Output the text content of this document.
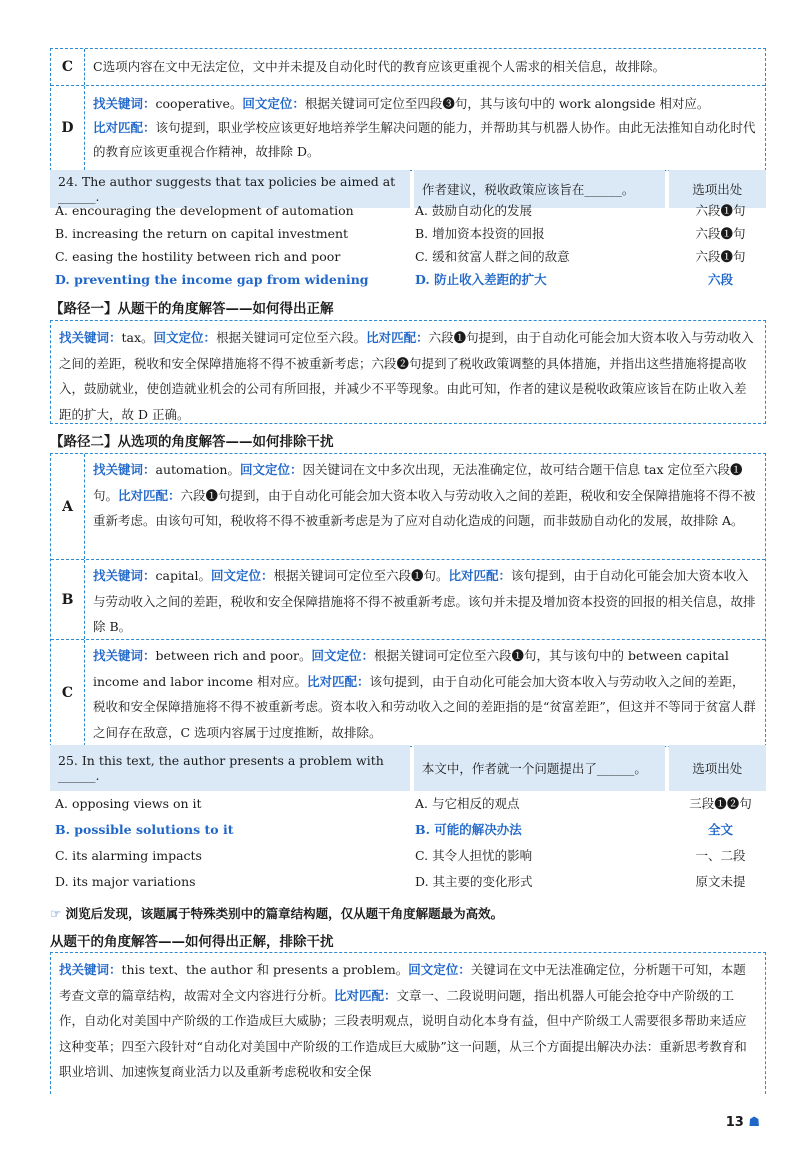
C	C选项内容在文中无法定位，文中并未提及自动化时代的教育应该更重视个人需求的相关信息，故排除。
D
找关键词：cooperative。回文定位：根据关键词可定位至四段❸句，其与该句中的 work alongside 相对应。
比对匹配：该句提到，职业学校应该更好地培养学生解决问题的能力，并帮助其与机器人协作。由此无法推知自动化时代的教育应该更重视合作精神，故排除 D。
24. The author suggests that tax policies be aimed at ______.	作者建议，税收政策应该旨在______。	选项出处
A. encouraging the development of automation	A. 鼓励自动化的发展	六段❶句
B. increasing the return on capital investment	B. 增加资本投资的回报	六段❶句
C. easing the hostility between rich and poor	C. 缓和贫富人群之间的敌意	六段❶句
D. preventing the income gap from widening	D. 防止收入差距的扩大	六段
【路径一】从题干的角度解答——如何得出正解
找关键词：tax。回文定位：根据关键词可定位至六段。比对匹配：六段❶句提到，由于自动化可能会加大资本收入与劳动收入之间的差距，税收和安全保障措施将不得不被重新考虑；六段❷句提到了税收政策调整的具体措施，并指出这些措施将提高收入，鼓励就业，使创造就业机会的公司有所回报，并减少不平等现象。由此可知，作者的建议是税收政策应该旨在防止收入差距的扩大，故 D 正确。
【路径二】从选项的角度解答——如何排除干扰
A
找关键词：automation。回文定位：因关键词在文中多次出现，无法准确定位，故可结合题干信息 tax 定位至六段❶句。比对匹配：六段❶句提到，由于自动化可能会加大资本收入与劳动收入之间的差距，税收和安全保障措施将不得不被重新考虑。由该句可知，税收将不得不被重新考虑是为了应对自动化造成的问题，而非鼓励自动化的发展，故排除 A。
B
找关键词：capital。回文定位：根据关键词可定位至六段❶句。比对匹配：该句提到，由于自动化可能会加大资本收入与劳动收入之间的差距，税收和安全保障措施将不得不被重新考虑。该句并未提及增加资本投资的回报的相关信息，故排除 B。
C
找关键词：between rich and poor。回文定位：根据关键词可定位至六段❶句，其与该句中的 between capital income and labor income 相对应。比对匹配：该句提到，由于自动化可能会加大资本收入与劳动收入之间的差距，税收和安全保障措施将不得不被重新考虑。资本收入和劳动收入之间的差距指的是“贫富差距”，但这并不等同于贫富人群之间存在敌意，C 选项内容属于过度推断，故排除。
25. In this text, the author presents a problem with ______.	本文中，作者就一个问题提出了______。	选项出处
A. opposing views on it	A. 与它相反的观点	三段❶❷句
B. possible solutions to it	B. 可能的解决办法	全文
C. its alarming impacts	C. 其令人担忧的影响	一、二段
D. its major variations	D. 其主要的变化形式	原文未提
☞ 浏览后发现，该题属于特殊类别中的篇章结构题，仅从题干角度解题最为高效。
从题干的角度解答——如何得出正解，排除干扰
找关键词：this text、the author 和 presents a problem。回文定位：关键词在文中无法准确定位，分析题干可知，本题考查文章的篇章结构，故需对全文内容进行分析。比对匹配：文章一、二段说明问题，指出机器人可能会抢夺中产阶级的工作，自动化对美国中产阶级的工作造成巨大威胁；三段表明观点，说明自动化本身有益，但中产阶级工人需要很多帮助来适应这种变革；四至六段针对“自动化对美国中产阶级的工作造成巨大威胁”这一问题，从三个方面提出解决办法：重新思考教育和职业培训、加速恢复商业活力以及重新考虑税收和安全保
13 ☗
